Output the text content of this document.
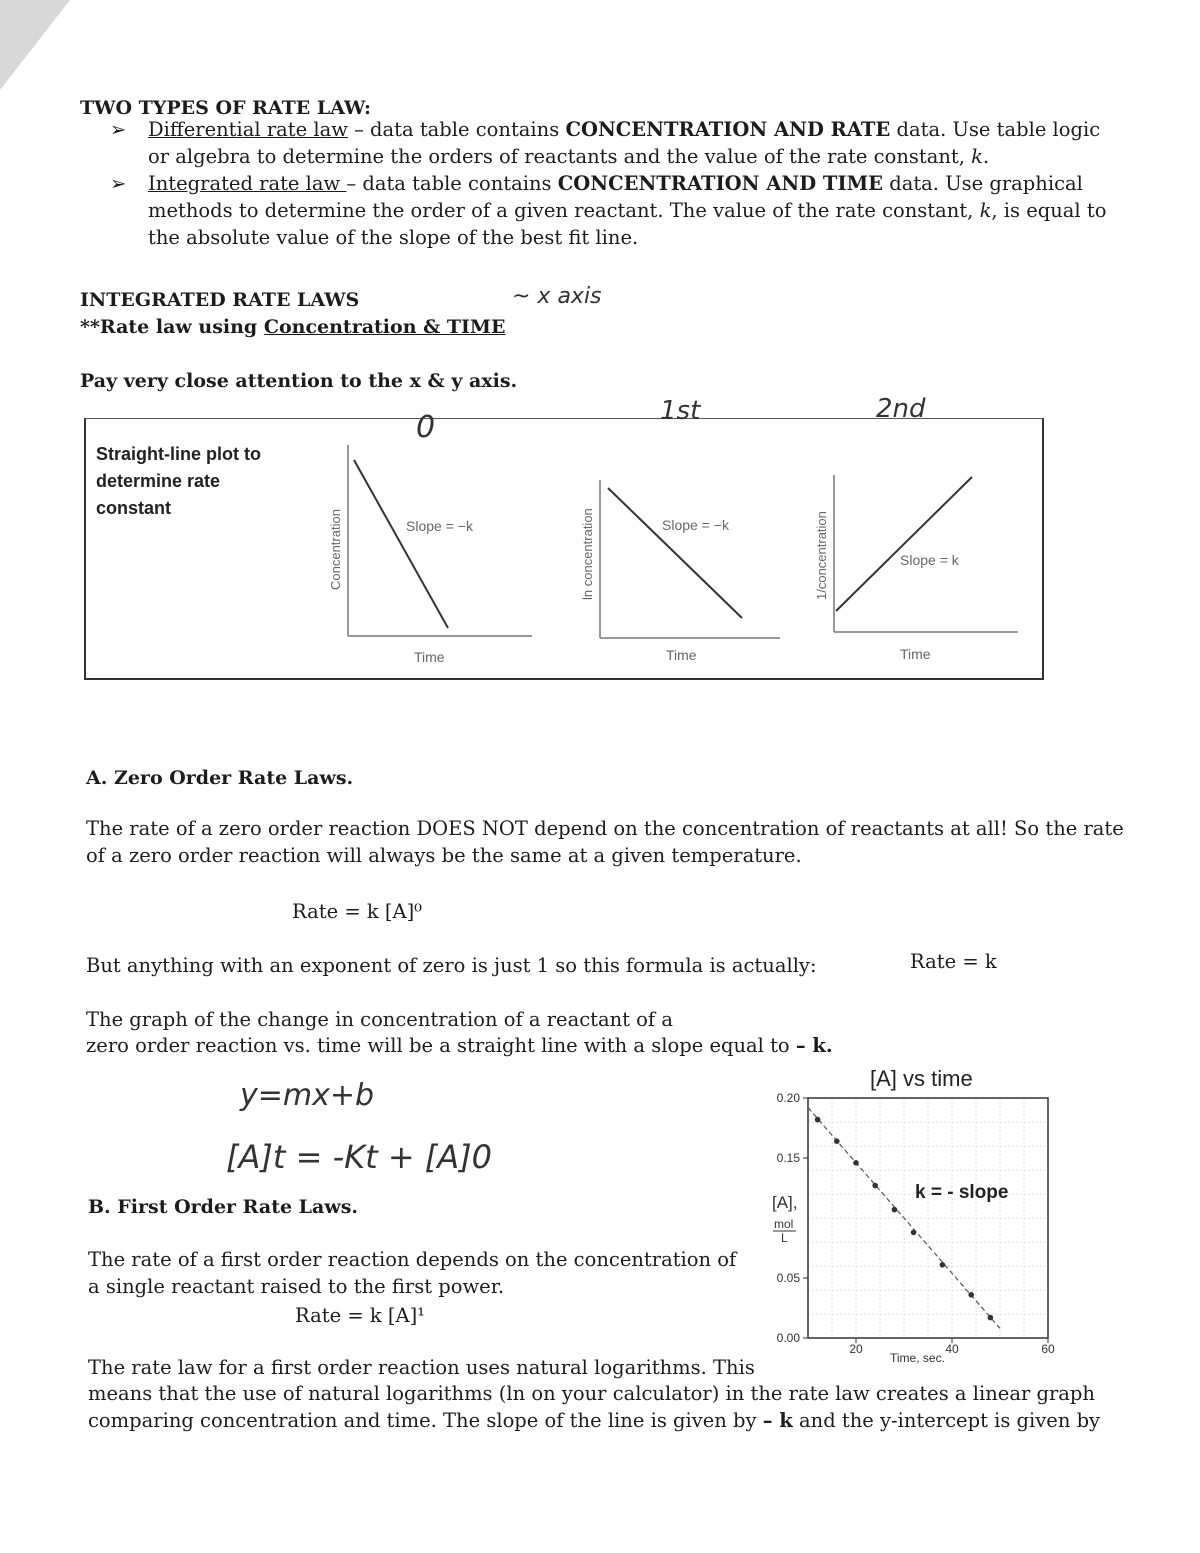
TWO TYPES OF RATE LAW:
➢ Differential rate law – data table contains CONCENTRATION AND RATE data. Use table logic or algebra to determine the orders of reactants and the value of the rate constant, k.
➢ Integrated rate law – data table contains CONCENTRATION AND TIME data. Use graphical methods to determine the order of a given reactant. The value of the rate constant, k, is equal to the absolute value of the slope of the best fit line.
INTEGRATED RATE LAWS
**Rate law using Concentration & TIME
~ x axis
Pay very close attention to the x & y axis.
Straight-line plot to determine rate constant
0	1st	2nd
Concentration
Time
Slope = −k	ln concentration
Time
Slope = −k	1/concentration
Time
Slope = k
A. Zero Order Rate Laws.
The rate of a zero order reaction DOES NOT depend on the concentration of reactants at all! So the rate of a zero order reaction will always be the same at a given temperature.
Rate = k [A]⁰
But anything with an exponent of zero is just 1 so this formula is actually:	Rate = k
The graph of the change in concentration of a reactant of a
zero order reaction vs. time will be a straight line with a slope equal to – k.
y=mx+b
[A]t = -Kt + [A]0
B. First Order Rate Laws.
The rate of a first order reaction depends on the concentration of a single reactant raised to the first power.
Rate = k [A]¹
The rate law for a first order reaction uses natural logarithms. This
means that the use of natural logarithms (ln on your calculator) in the rate law creates a linear graph comparing concentration and time. The slope of the line is given by – k and the y-intercept is given by
[A] vs time
k = - slope
[A],
mol
L
Time, sec.
0.00
0.05
0.15
0.20
20	40	60
